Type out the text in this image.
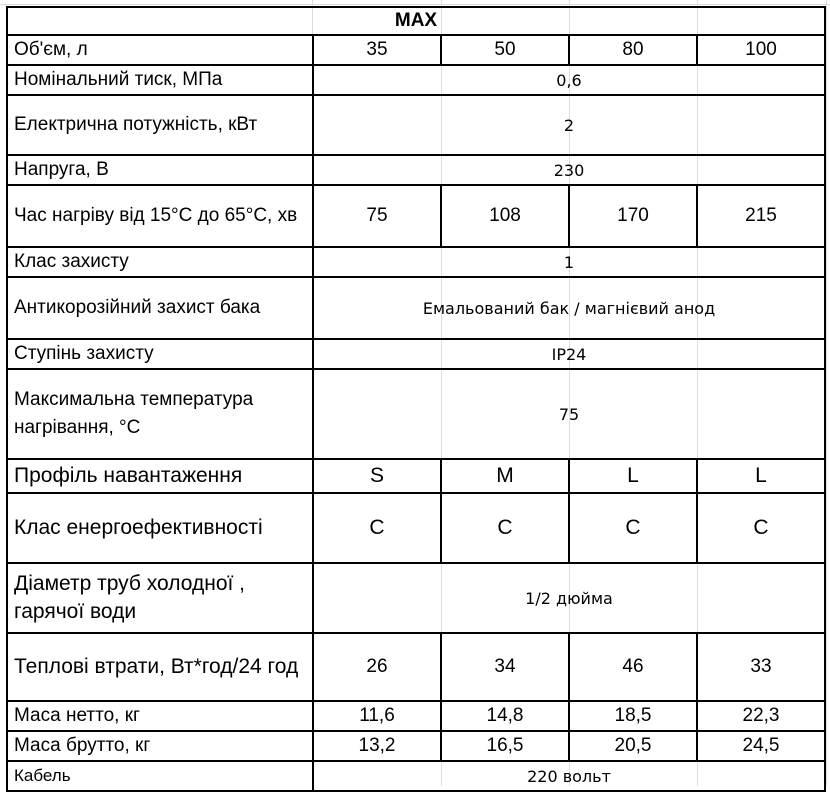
MAX				
Об'єм, л	35	50	80	100
Номінальний тиск, МПа	0,6			
Електрична потужність, кВт	2			
Напруга, В	230			
Час нагріву від 15°С до 65°С, хв	75	108	170	215
Клас захисту	1			
Антикорозійний захист бака	Емальований бак / магнієвий анод			
Ступінь захисту	IP24			
Максимальна температура нагрівання, °С	75			
Профіль навантаження	S	M	L	L
Клас енергоефективності	C	C	C	C
Діаметр труб холодної , гарячої води	1/2 дюйма			
Теплові втрати, Вт*год/24 год	26	34	46	33
Маса нетто, кг	11,6	14,8	18,5	22,3
Маса брутто, кг	13,2	16,5	20,5	24,5
Кабель	220 вольт			
